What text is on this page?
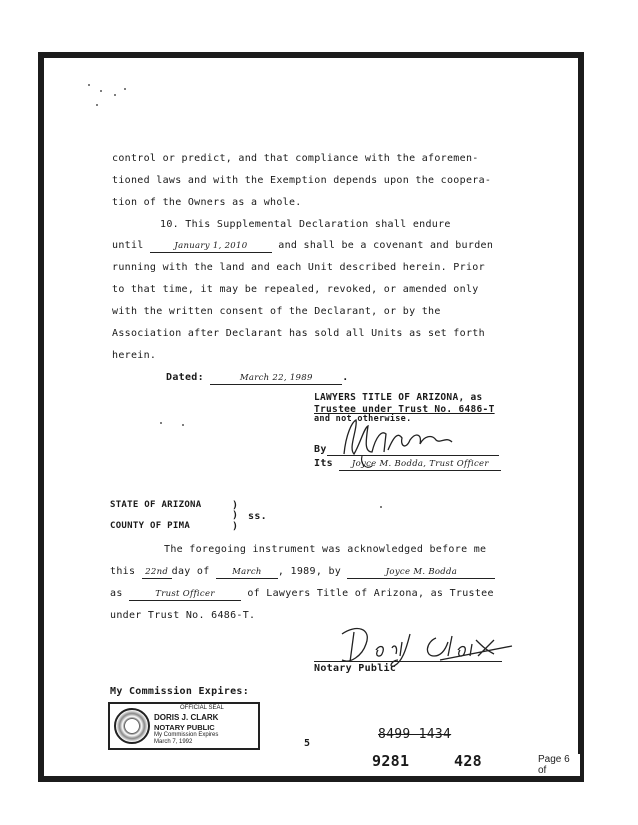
control or predict, and that compliance with the aforemen-
tioned laws and with the Exemption depends upon the coopera-
tion of the Owners as a whole.
10. This Supplemental Declaration shall endure
until	January 1, 2010	and shall be a covenant and burden
running with the land and each Unit described herein. Prior
to that time, it may be repealed, revoked, or amended only
with the written consent of the Declarant, or by the
Association after Declarant has sold all Units as set forth
herein.
Dated:	March 22, 1989	.
LAWYERS TITLE OF ARIZONA, as
Trustee under Trust No. 6486-T
and not otherwise.
By
Its Joyce M. Bodda, Trust Officer
STATE OF ARIZONA
COUNTY OF PIMA
)
)
)
ss.
The foregoing instrument was acknowledged before me
this 22nd day of	March , 1989, by	Joyce M. Bodda
as	Trust Officer	of Lawyers Title of Arizona, as Trustee
under Trust No. 6486-T.
Notary Public
My Commission Expires:
OFFICIAL SEAL
DORIS J. CLARK
NOTARY PUBLIC
My Commission Expires
March 7, 1992	5
8499 1434
9281	428	Page 6 of
